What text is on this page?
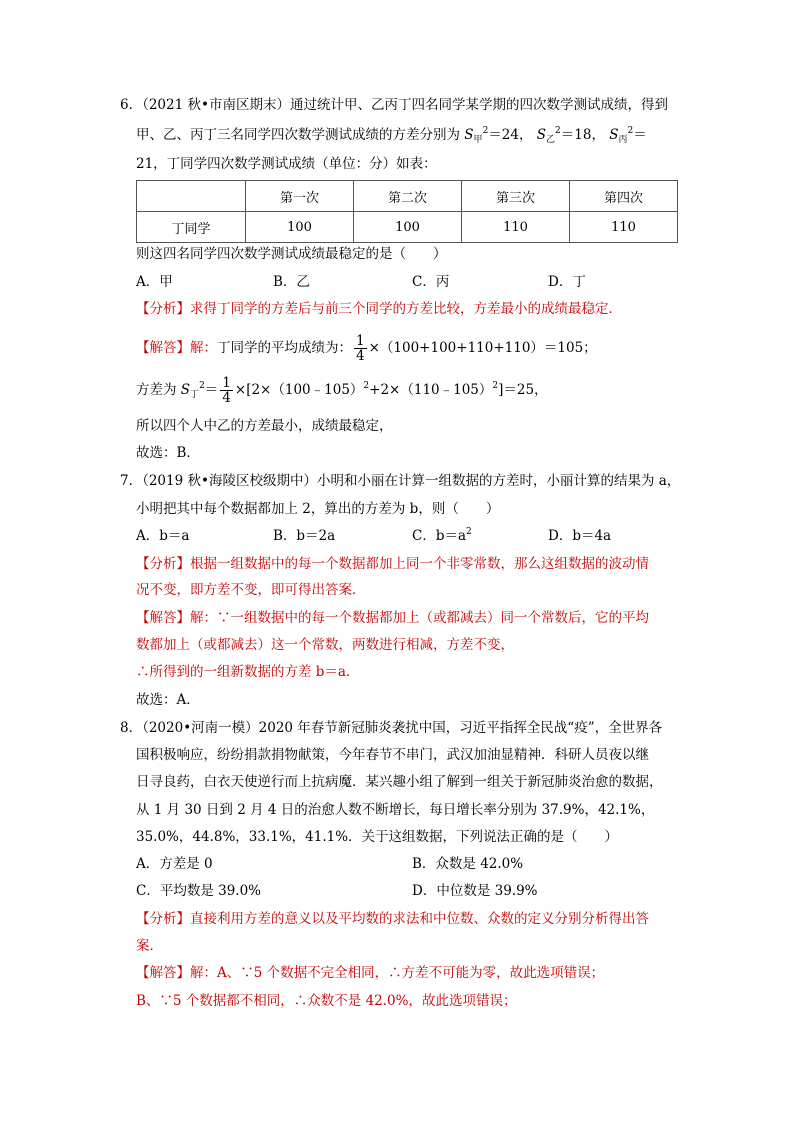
6．（2021 秋•市南区期末）通过统计甲、乙丙丁四名同学某学期的四次数学测试成绩，得到
甲、乙、丙丁三名同学四次数学测试成绩的方差分别为 $S_甲^2=24$， $S_乙^2=18$， $S_丙^2=$
21，丁同学四次数学测试成绩（单位：分）如表：
	第一次	第二次	第三次	第四次
丁同学	100	100	110	110
则这四名同学四次数学测试成绩最稳定的是（　　）
A．甲	B．乙	C．丙	D．丁
【分析】求得丁同学的方差后与前三个同学的方差比较，方差最小的成绩最稳定．
【解答】解：丁同学的平均成绩为： $\frac{1}{4} \times(100+100+110+110)=105$；
方差为 $S_丁^2= \frac{1}{4}$ ×[2×（100﹣105）$^2$+2×（110﹣105）$^2$]＝25，
所以四个人中乙的方差最小，成绩最稳定，
故选：B．
7．（2019 秋•海陵区校级期中）小明和小丽在计算一组数据的方差时，小丽计算的结果为 a，
小明把其中每个数据都加上 2，算出的方差为 b，则（　　）
A．b＝a	B．b＝2a	C．$b=a^2$	D．b＝4a
【分析】根据一组数据中的每一个数据都加上同一个非零常数，那么这组数据的波动情
况不变，即方差不变，即可得出答案．
【解答】解：∵一组数据中的每一个数据都加上（或都减去）同一个常数后，它的平均
数都加上（或都减去）这一个常数，两数进行相减，方差不变，
∴所得到的一组新数据的方差 b＝a．
故选：A．
8．（2020•河南一模）2020 年春节新冠肺炎袭扰中国，习近平指挥全民战“疫”，全世界各
国积极响应，纷纷捐款捐物献策，今年春节不串门，武汉加油显精神．科研人员夜以继
日寻良药，白衣天使逆行而上抗病魔．某兴趣小组了解到一组关于新冠肺炎治愈的数据，
从 1 月 30 日到 2 月 4 日的治愈人数不断增长，每日增长率分别为 37.9%，42.1%，
35.0%，44.8%，33.1%，41.1%．关于这组数据，下列说法正确的是（　　）
A．方差是 0	B．众数是 42.0%
C．平均数是 39.0%	D．中位数是 39.9%
【分析】直接利用方差的意义以及平均数的求法和中位数、众数的定义分别分析得出答
案．
【解答】解：A、∵5 个数据不完全相同，∴方差不可能为零，故此选项错误；
B、∵5 个数据都不相同，∴众数不是 42.0%，故此选项错误；
